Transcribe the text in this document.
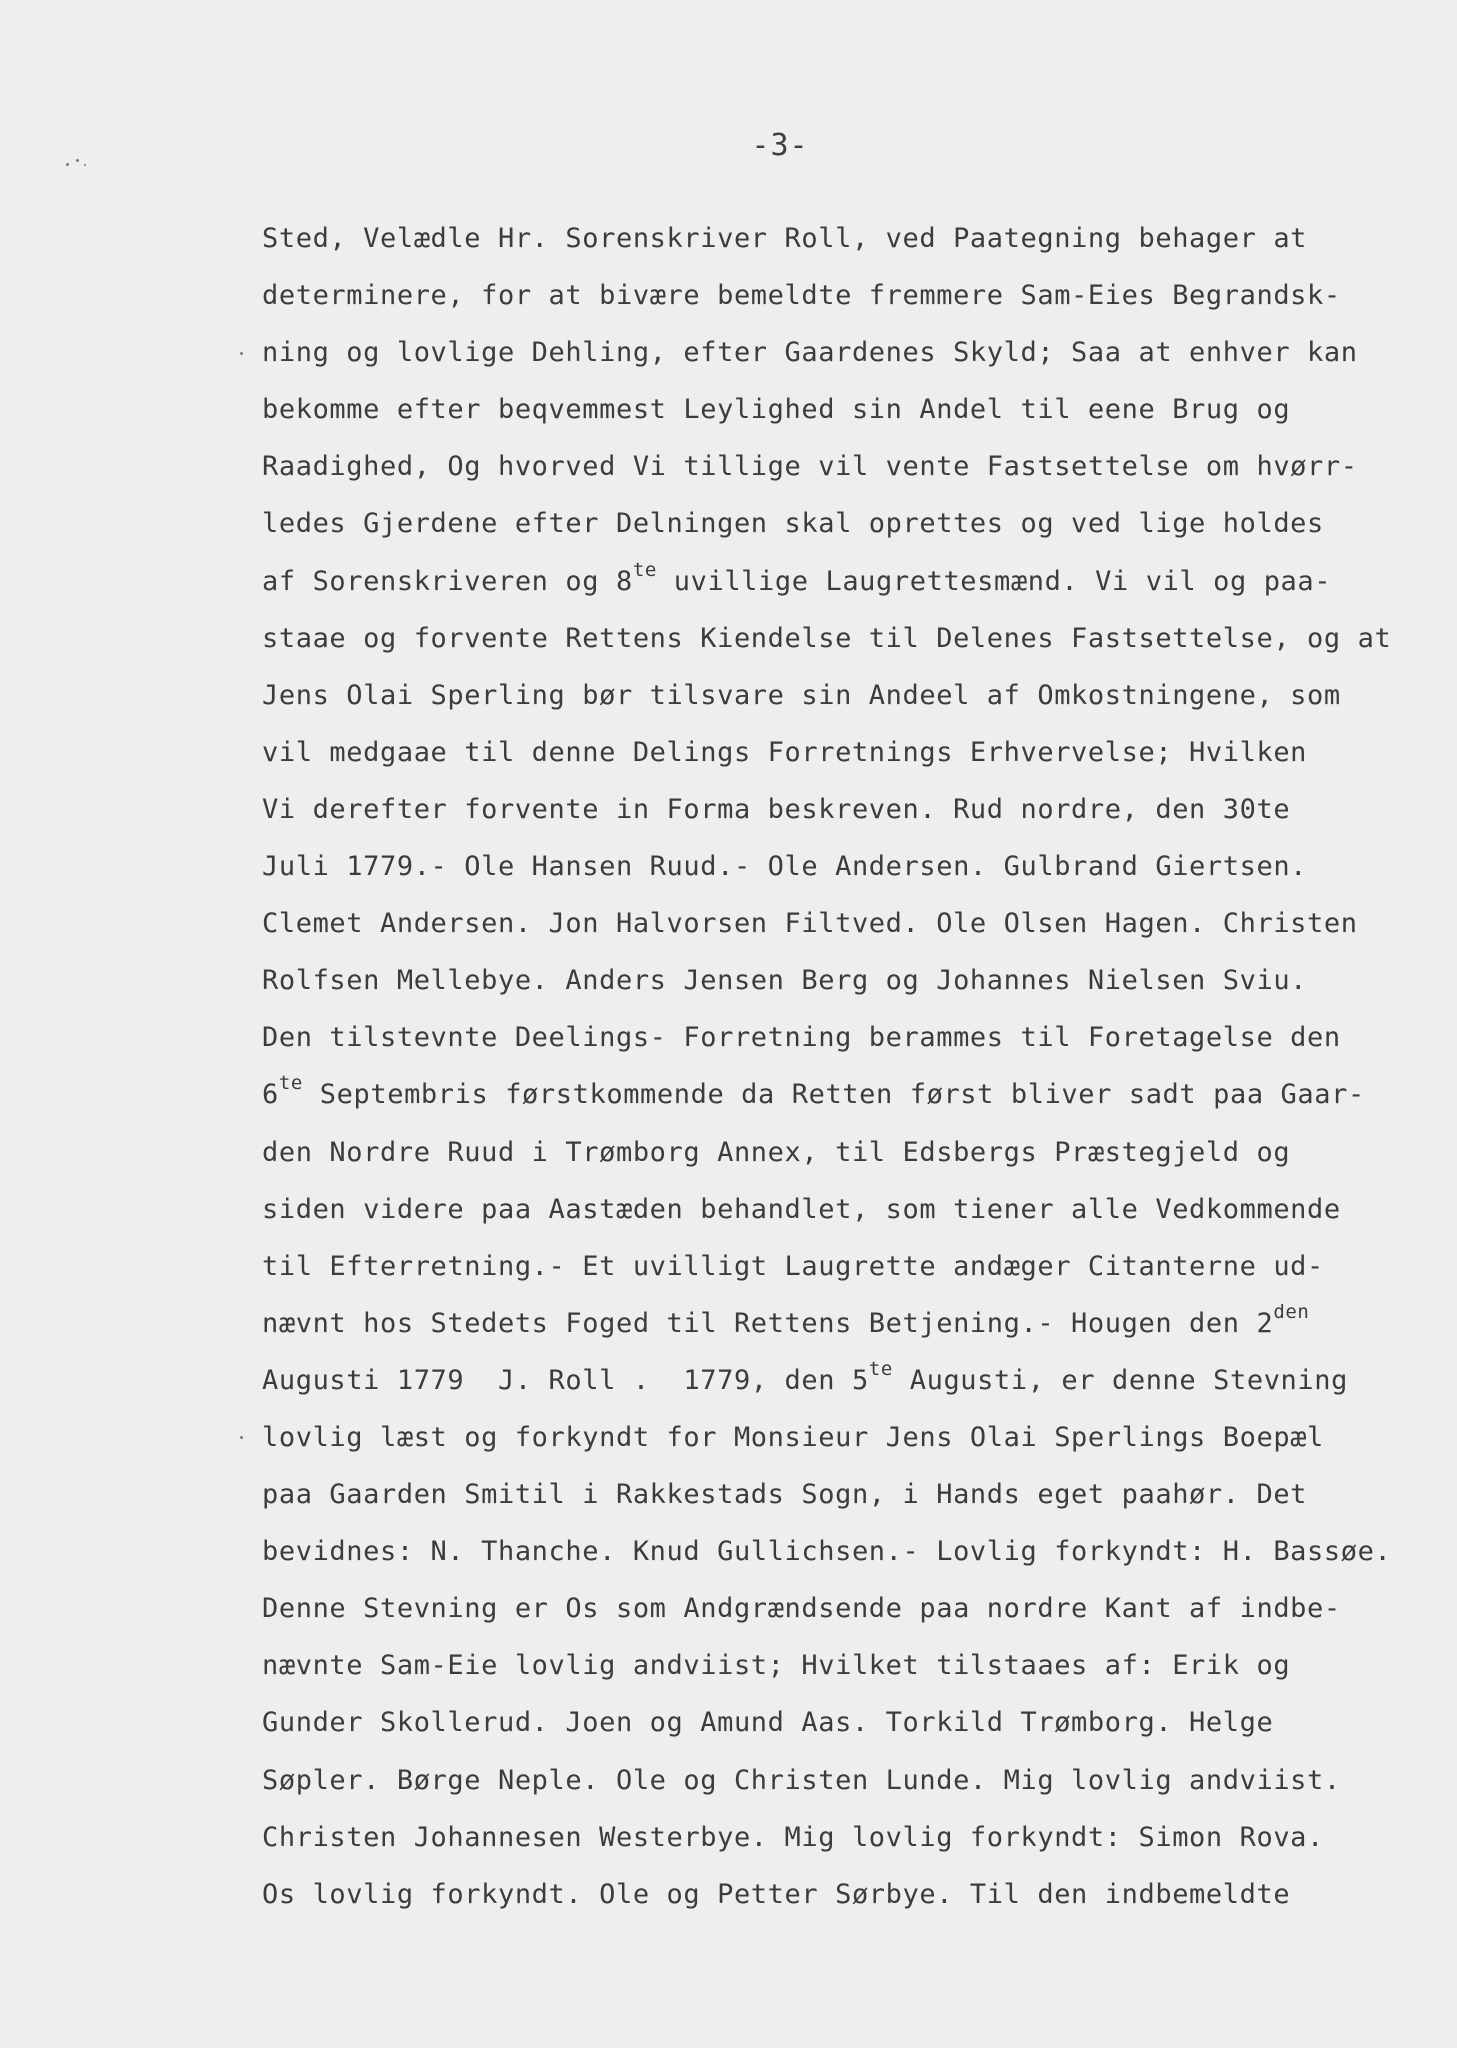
-3-
Sted, Velædle Hr. Sorenskriver Roll, ved Paategning behager at
determinere, for at bivære bemeldte fremmere Sam-Eies Begrandsk-
ning og lovlige Dehling, efter Gaardenes Skyld; Saa at enhver kan
bekomme efter beqvemmest Leylighed sin Andel til eene Brug og
Raadighed, Og hvorved Vi tillige vil vente Fastsettelse om hvørr-
ledes Gjerdene efter Delningen skal oprettes og ved lige holdes
af Sorenskriveren og $8^{te}$ uvillige Laugrettesmænd. Vi vil og paa-
staae og forvente Rettens Kiendelse til Delenes Fastsettelse, og at
Jens Olai Sperling bør tilsvare sin Andeel af Omkostningene, som
vil medgaae til denne Delings Forretnings Erhvervelse; Hvilken
Vi derefter forvente in Forma beskreven. Rud nordre, den 30te
Juli 1779.- Ole Hansen Ruud.- Ole Andersen. Gulbrand Giertsen.
Clemet Andersen. Jon Halvorsen Filtved. Ole Olsen Hagen. Christen
Rolfsen Mellebye. Anders Jensen Berg og Johannes Nielsen Sviu.
Den tilstevnte Deelings- Forretning berammes til Foretagelse den
$6^{te}$ Septembris førstkommende da Retten først bliver sadt paa Gaar-
den Nordre Ruud i Trømborg Annex, til Edsbergs Præstegjeld og
siden videre paa Aastæden behandlet, som tiener alle Vedkommende
til Efterretning.- Et uvilligt Laugrette andæger Citanterne ud-
nævnt hos Stedets Foged til Rettens Betjening.- Hougen den $2^{den}$
Augusti 1779  J. Roll .  1779, den $5^{te}$ Augusti, er denne Stevning
lovlig læst og forkyndt for Monsieur Jens Olai Sperlings Boepæl
paa Gaarden Smitil i Rakkestads Sogn, i Hands eget paahør. Det
bevidnes: N. Thanche. Knud Gullichsen.- Lovlig forkyndt: H. Bassøe.
Denne Stevning er Os som Andgrændsende paa nordre Kant af indbe-
nævnte Sam-Eie lovlig andviist; Hvilket tilstaaes af: Erik og
Gunder Skollerud. Joen og Amund Aas. Torkild Trømborg. Helge
Søpler. Børge Neple. Ole og Christen Lunde. Mig lovlig andviist.
Christen Johannesen Westerbye. Mig lovlig forkyndt: Simon Rova.
Os lovlig forkyndt. Ole og Petter Sørbye. Til den indbemeldte
